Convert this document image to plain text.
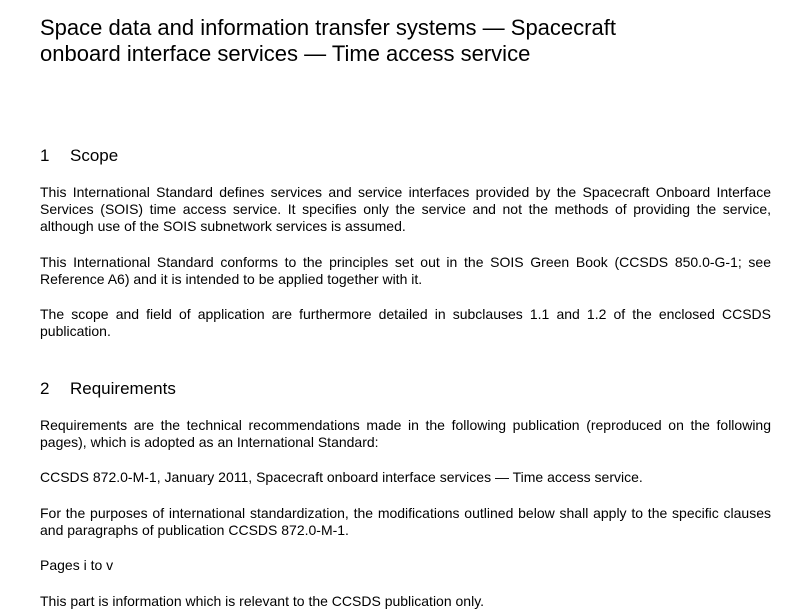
Space data and information transfer systems — Spacecraft
onboard interface services — Time access service
1 Scope

This International Standard defines services and service interfaces provided by the Spacecraft Onboard Interface Services (SOIS) time access service. It specifies only the service and not the methods of providing the service, although use of the SOIS subnetwork services is assumed.

This International Standard conforms to the principles set out in the SOIS Green Book (CCSDS 850.0-G-1; see Reference A6) and it is intended to be applied together with it.

The scope and field of application are furthermore detailed in subclauses 1.1 and 1.2 of the enclosed CCSDS publication.

2 Requirements

Requirements are the technical recommendations made in the following publication (reproduced on the following pages), which is adopted as an International Standard:

CCSDS 872.0-M-1, January 2011, Spacecraft onboard interface services — Time access service.

For the purposes of international standardization, the modifications outlined below shall apply to the specific clauses and paragraphs of publication CCSDS 872.0-M-1.

Pages i to v

This part is information which is relevant to the CCSDS publication only.
